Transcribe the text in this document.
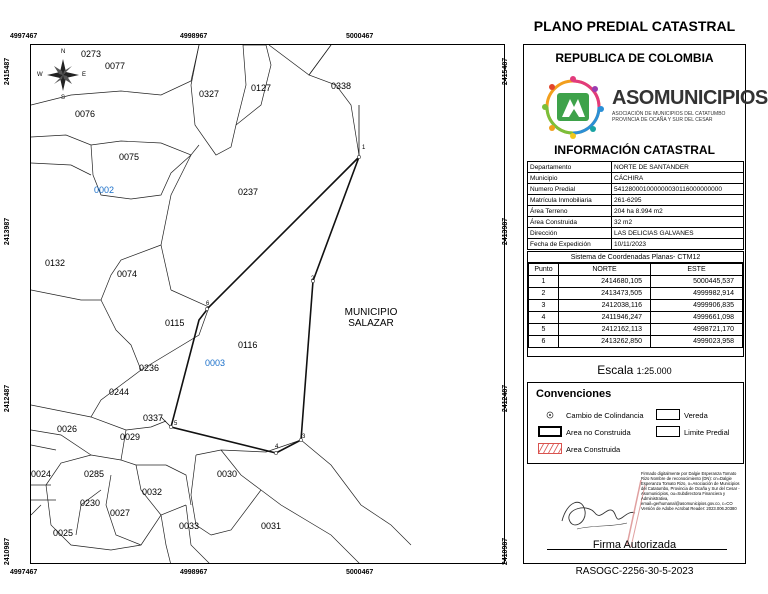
4997467	4998967	5000467
4997467	4998967	5000467
2415487
2413987
2412487
2410987
2415487
2413987
2412487
2410987
N
S
E
W
0273
0077
0076
0327
0127	0338
0075
0002	0237
0132
0074
0115
0116
0236	0003
0244
0337
0026
0029
0024	0285	0030
0032
0230
0027
0033	0031
0025
MUNICIPIO
SALAZAR
1
2
3
4
5
6
PLANO PREDIAL CATASTRAL
REPUBLICA DE COLOMBIA
ASOMUNICIPIOS
ASOCIACIÓN DE MUNICIPIOS DEL CATATUMBO PROVINCIA DE OCAÑA Y SUR DEL CESAR
INFORMACIÓN CATASTRAL
Departamento	NORTE DE SANTANDER
Municipio	CÁCHIRA
Numero Predial	541280001000000030116000000000
Matrícula Inmobiliaria	261-6295
Área Terreno	204 ha 8.994 m2
Área Construida	32 m2
Dirección	LAS DELICIAS GALVANES
Fecha de Expedición	10/11/2023
Sistema de Coordenadas Planas- CTM12
Punto	NORTE	ESTE
1	2414680,105	5000445,537
2	2413473,505	4999982,914
3	2412038,116	4999906,835
4	2411946,247	4999661,098
5	2412162,113	4998721,170
6	2413262,850	4999023,958
Escala 1:25.000
Convenciones
Cambio de Colindancia	Vereda
Area no Construida	Limite Predial
Area Construida
Firmado digitalmente por Dalgie Esperanza Tomato Rizo Nombre de reconocimiento (DN): cn=Dalgie Esperanza Tomato Rizo, o=Asociación de Municipios del Catatumbo, Provincia de Ocaña y Sur del Cesar - Asomunicipios, ou=Subdirectora Financiera y Administrativa, email=gerhumanal@asomunicipios.gov.co, c=CO Versión de Adobe Acrobat Reader: 2023.006.20380
Firma Autorizada
RASOGC-2256-30-5-2023
